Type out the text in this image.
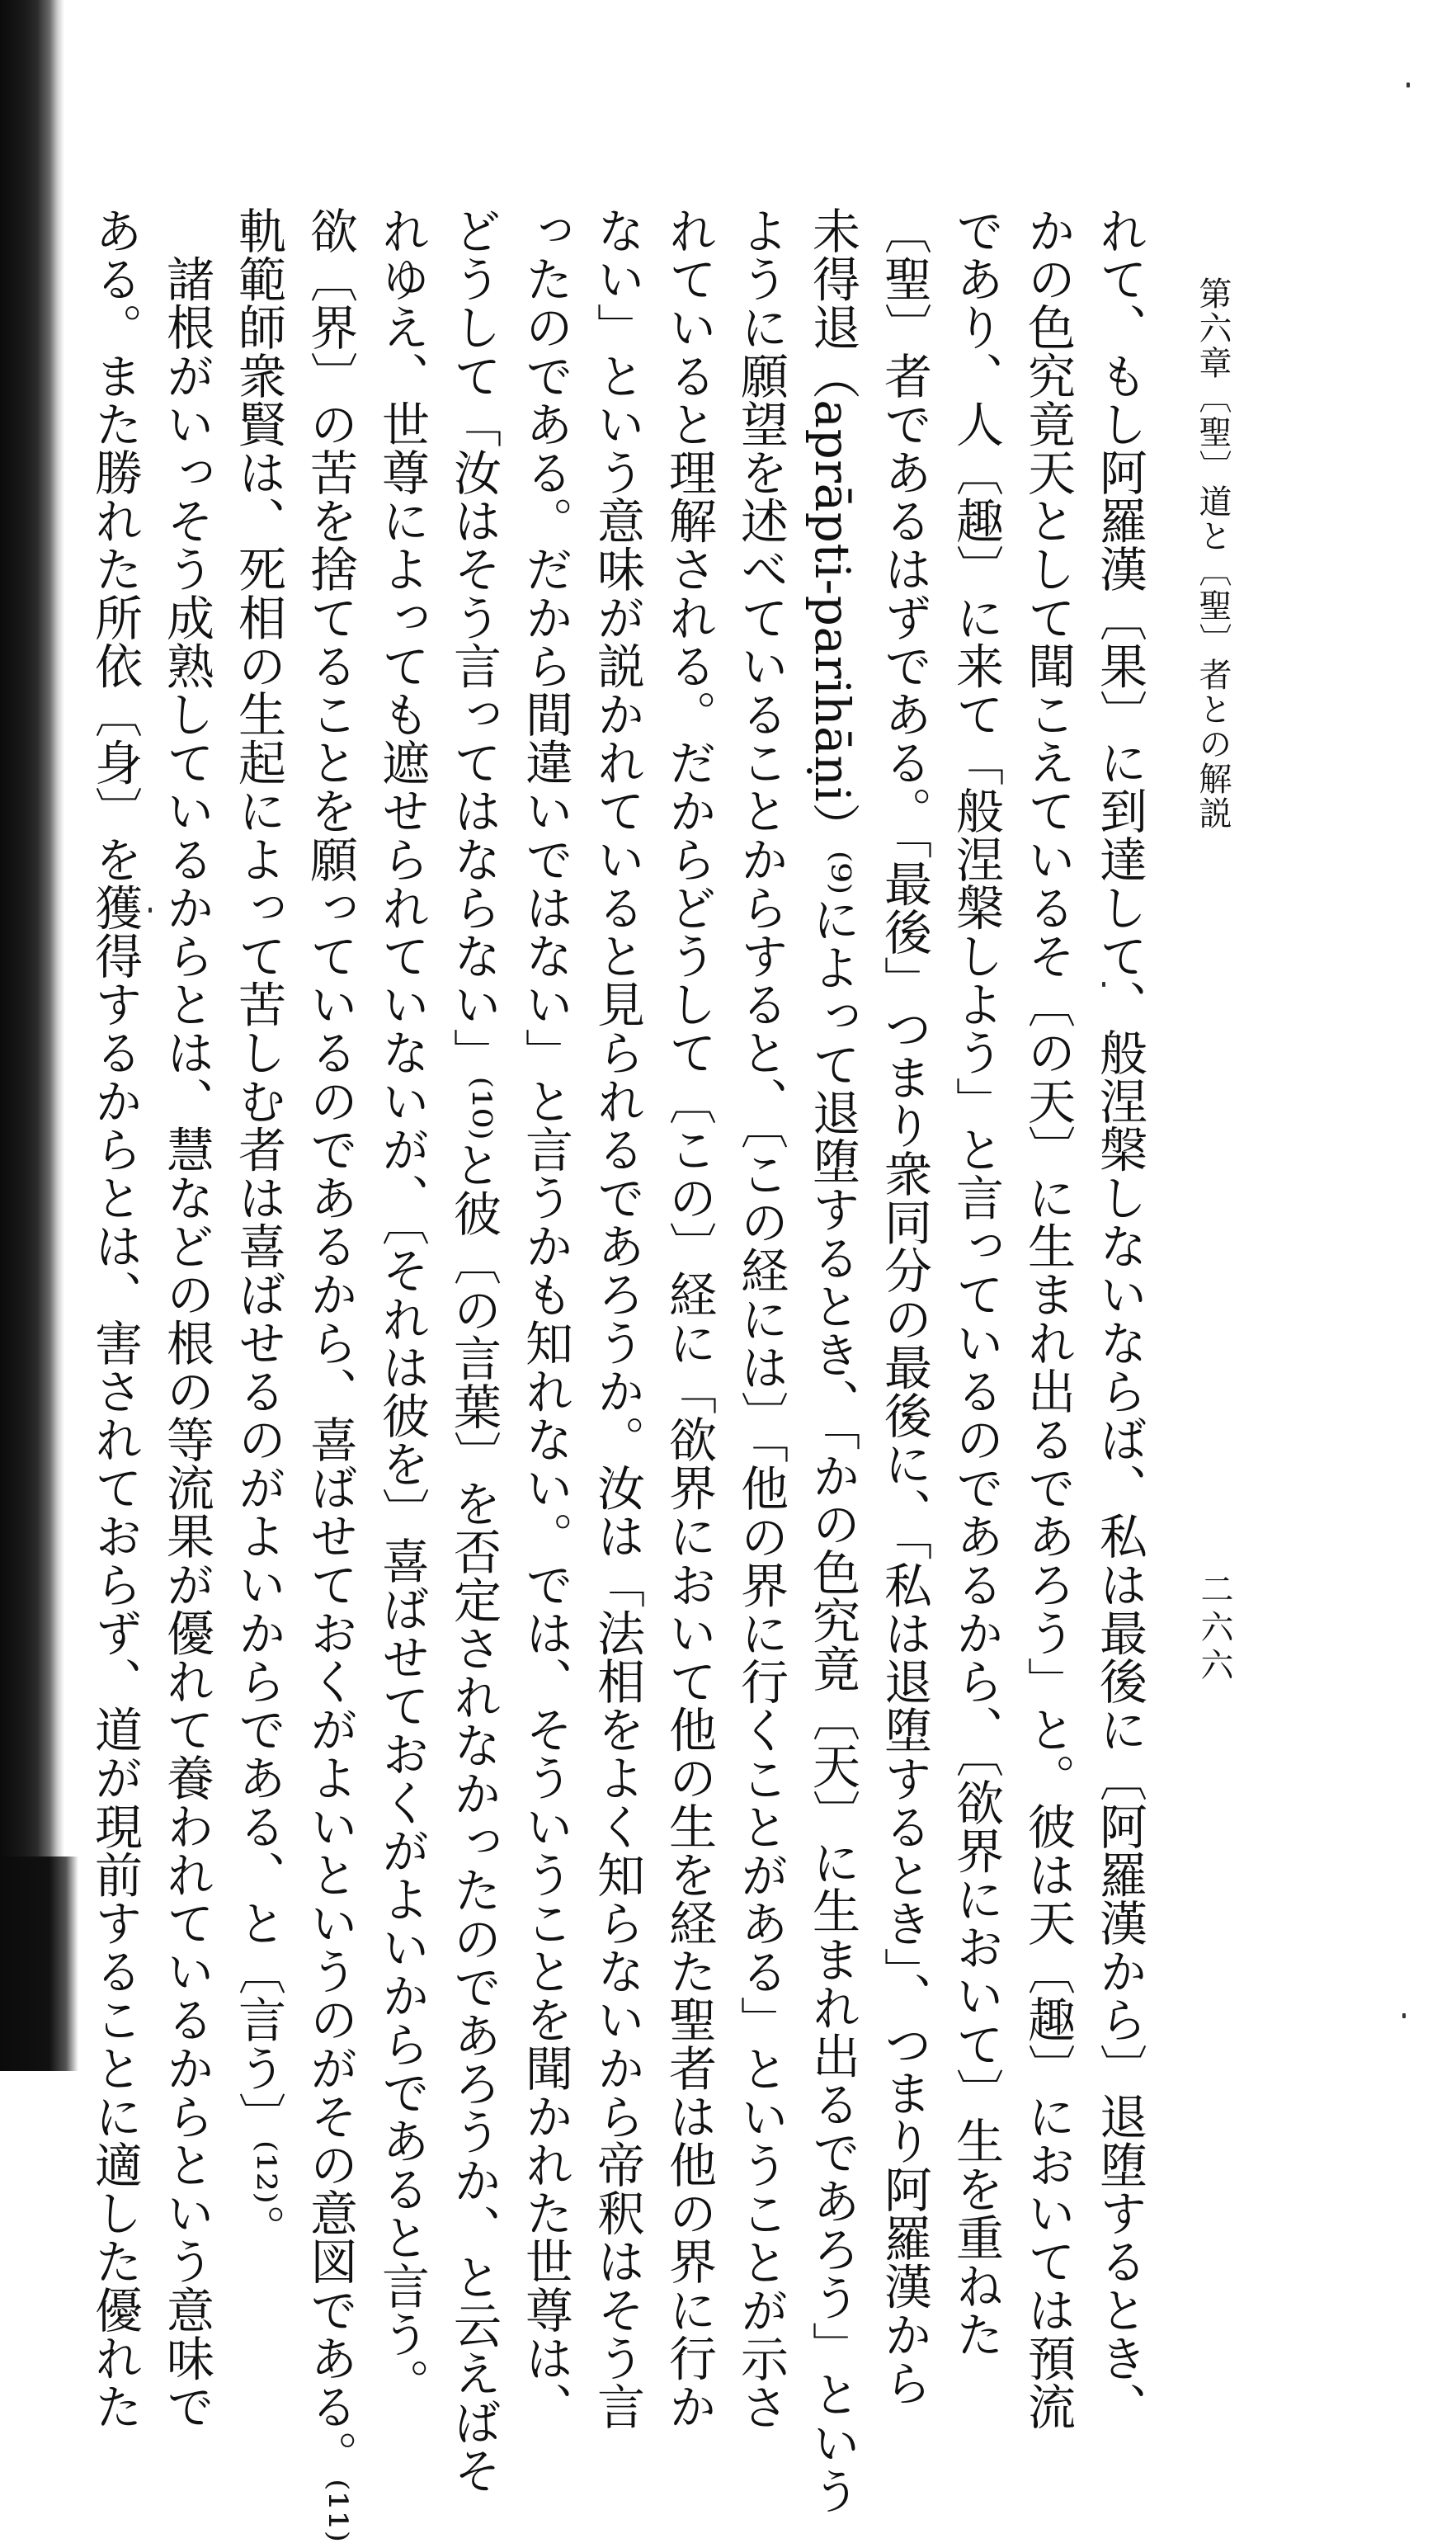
第六章〔聖〕道と〔聖〕者との解説
二六六
れて、もし阿羅漢〔果〕に到達して、般涅槃しないならば、私は最後に〔阿羅漢から〕退堕するとき、
かの色究竟天として聞こえているそ〔の天〕に生まれ出るであろう」と。彼は天〔趣〕においては預流
であり、人〔趣〕に来て「般涅槃しよう」と言っているのであるから、〔欲界において〕生を重ねた
〔聖〕者であるはずである。「最後」つまり衆同分の最後に、「私は退堕するとき」、つまり阿羅漢から
未得退（aprāpti-parihāṇi）⁽⁹⁾によって退堕するとき、「かの色究竟〔天〕に生まれ出るであろう」という
ように願望を述べていることからすると、〔この経には〕「他の界に行くことがある」ということが示さ
れていると理解される。だからどうして〔この〕経に「欲界において他の生を経た聖者は他の界に行か
ない」という意味が説かれていると見られるであろうか。汝は「法相をよく知らないから帝釈はそう言
ったのである。だから間違いではない」と言うかも知れない。では、そういうことを聞かれた世尊は、
どうして「汝はそう言ってはならない」⁽¹⁰⁾と彼〔の言葉〕を否定されなかったのであろうか、と云えばそ
れゆえ、世尊によっても遮せられていないが、〔それは彼を〕喜ばせておくがよいからであると言う。
欲〔界〕の苦を捨てることを願っているのであるから、喜ばせておくがよいというのがその意図である。⁽¹¹⁾
軌範師衆賢は、死相の生起によって苦しむ者は喜ばせるのがよいからである、と〔言う〕⁽¹²⁾。
　諸根がいっそう成熟しているからとは、慧などの根の等流果が優れて養われているからという意味で
ある。また勝れた所依〔身〕を獲得するからとは、害されておらず、道が現前することに適した優れた
